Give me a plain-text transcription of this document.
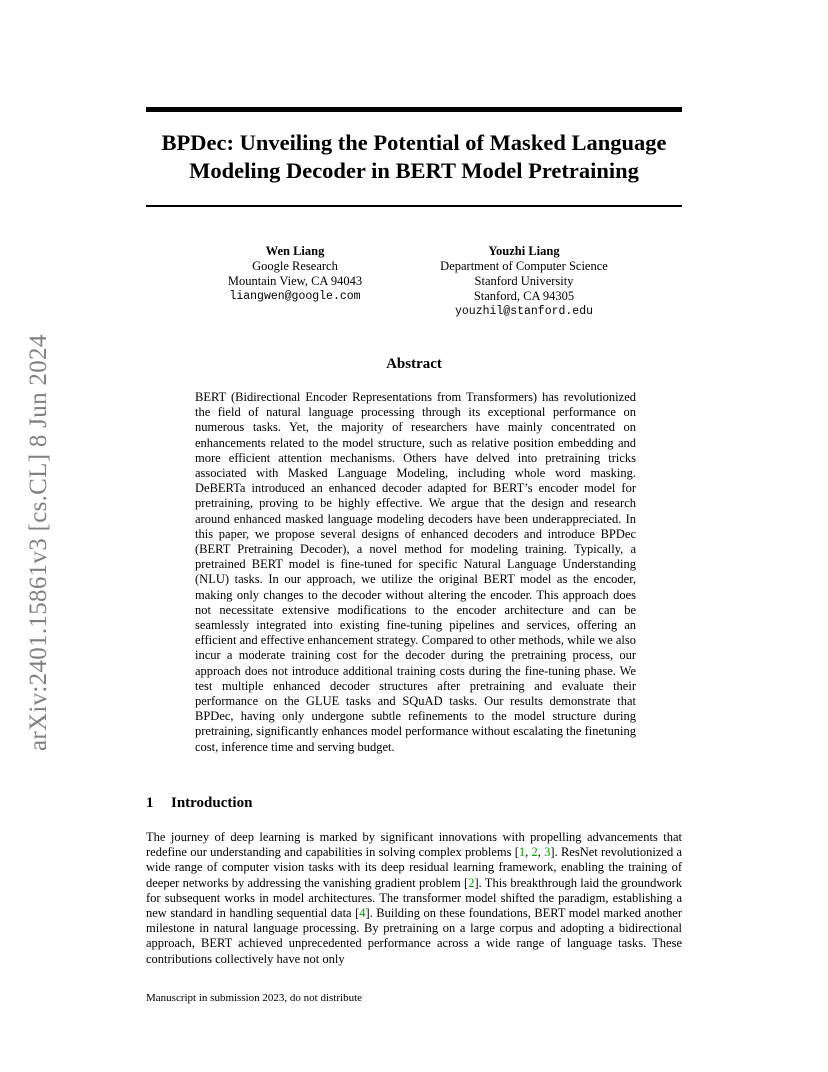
arXiv:2401.15861v3 [cs.CL] 8 Jun 2024
BPDec: Unveiling the Potential of Masked Language Modeling Decoder in BERT Model Pretraining
Wen Liang
Google Research
Mountain View, CA 94043
liangwen@google.com
Youzhi Liang
Department of Computer Science
Stanford University
Stanford, CA 94305
youzhil@stanford.edu
Abstract
BERT (Bidirectional Encoder Representations from Transformers) has revolutionized the field of natural language processing through its exceptional performance on numerous tasks. Yet, the majority of researchers have mainly concentrated on enhancements related to the model structure, such as relative position embedding and more efficient attention mechanisms. Others have delved into pretraining tricks associated with Masked Language Modeling, including whole word masking. DeBERTa introduced an enhanced decoder adapted for BERT’s encoder model for pretraining, proving to be highly effective. We argue that the design and research around enhanced masked language modeling decoders have been underappreciated. In this paper, we propose several designs of enhanced decoders and introduce BPDec (BERT Pretraining Decoder), a novel method for modeling training. Typically, a pretrained BERT model is fine-tuned for specific Natural Language Understanding (NLU) tasks. In our approach, we utilize the original BERT model as the encoder, making only changes to the decoder without altering the encoder. This approach does not necessitate extensive modifications to the encoder architecture and can be seamlessly integrated into existing fine-tuning pipelines and services, offering an efficient and effective enhancement strategy. Compared to other methods, while we also incur a moderate training cost for the decoder during the pretraining process, our approach does not introduce additional training costs during the fine-tuning phase. We test multiple enhanced decoder structures after pretraining and evaluate their performance on the GLUE tasks and SQuAD tasks. Our results demonstrate that BPDec, having only undergone subtle refinements to the model structure during pretraining, significantly enhances model performance without escalating the finetuning cost, inference time and serving budget.
1 Introduction
The journey of deep learning is marked by significant innovations with propelling advancements that redefine our understanding and capabilities in solving complex problems [1, 2, 3]. ResNet revolutionized a wide range of computer vision tasks with its deep residual learning framework, enabling the training of deeper networks by addressing the vanishing gradient problem [2]. This breakthrough laid the groundwork for subsequent works in model architectures. The transformer model shifted the paradigm, establishing a new standard in handling sequential data [4]. Building on these foundations, BERT model marked another milestone in natural language processing. By pretraining on a large corpus and adopting a bidirectional approach, BERT achieved unprecedented performance across a wide range of language tasks. These contributions collectively have not only
Manuscript in submission 2023, do not distribute
